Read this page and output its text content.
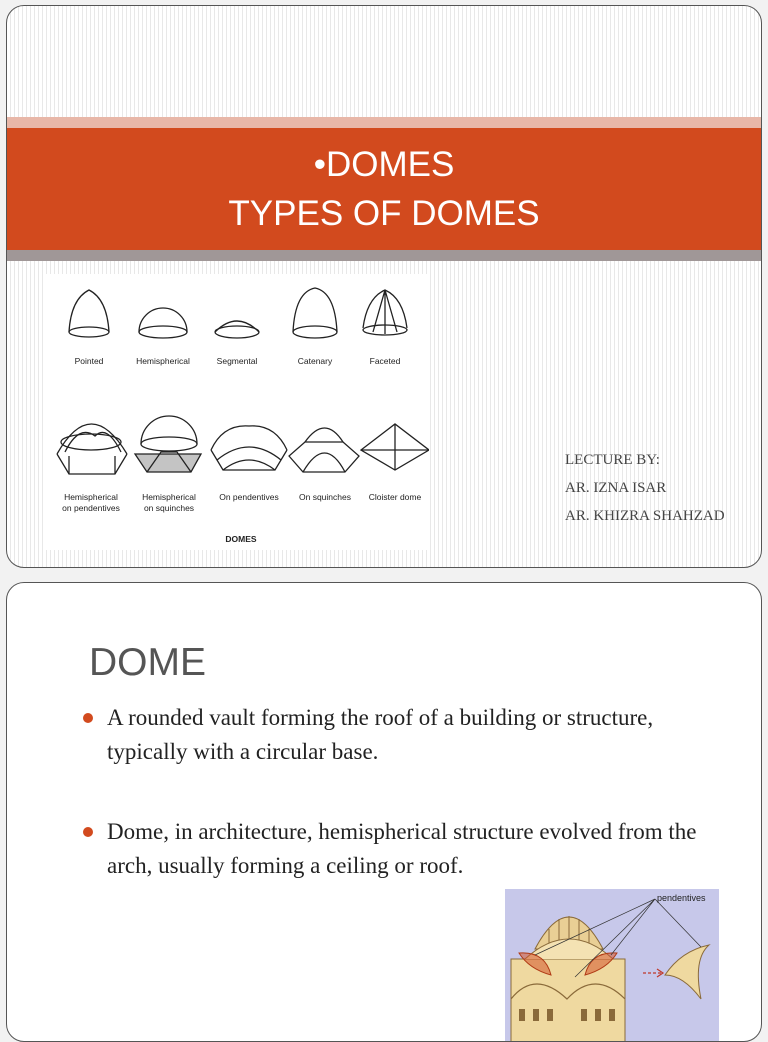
•DOMES
TYPES OF DOMES
Pointed	Hemispherical	Segmental	Catenary	Faceted
Hemispherical
on pendentives
Hemispherical
on squinches
On pendentives On squinches Cloister dome
DOMES
LECTURE BY:
AR. IZNA ISAR
AR. KHIZRA SHAHZAD
DOME
A rounded vault forming the roof of a building or structure, typically with a circular base.
Dome, in architecture, hemispherical structure evolved from the arch, usually forming a ceiling or roof.
pendentives
